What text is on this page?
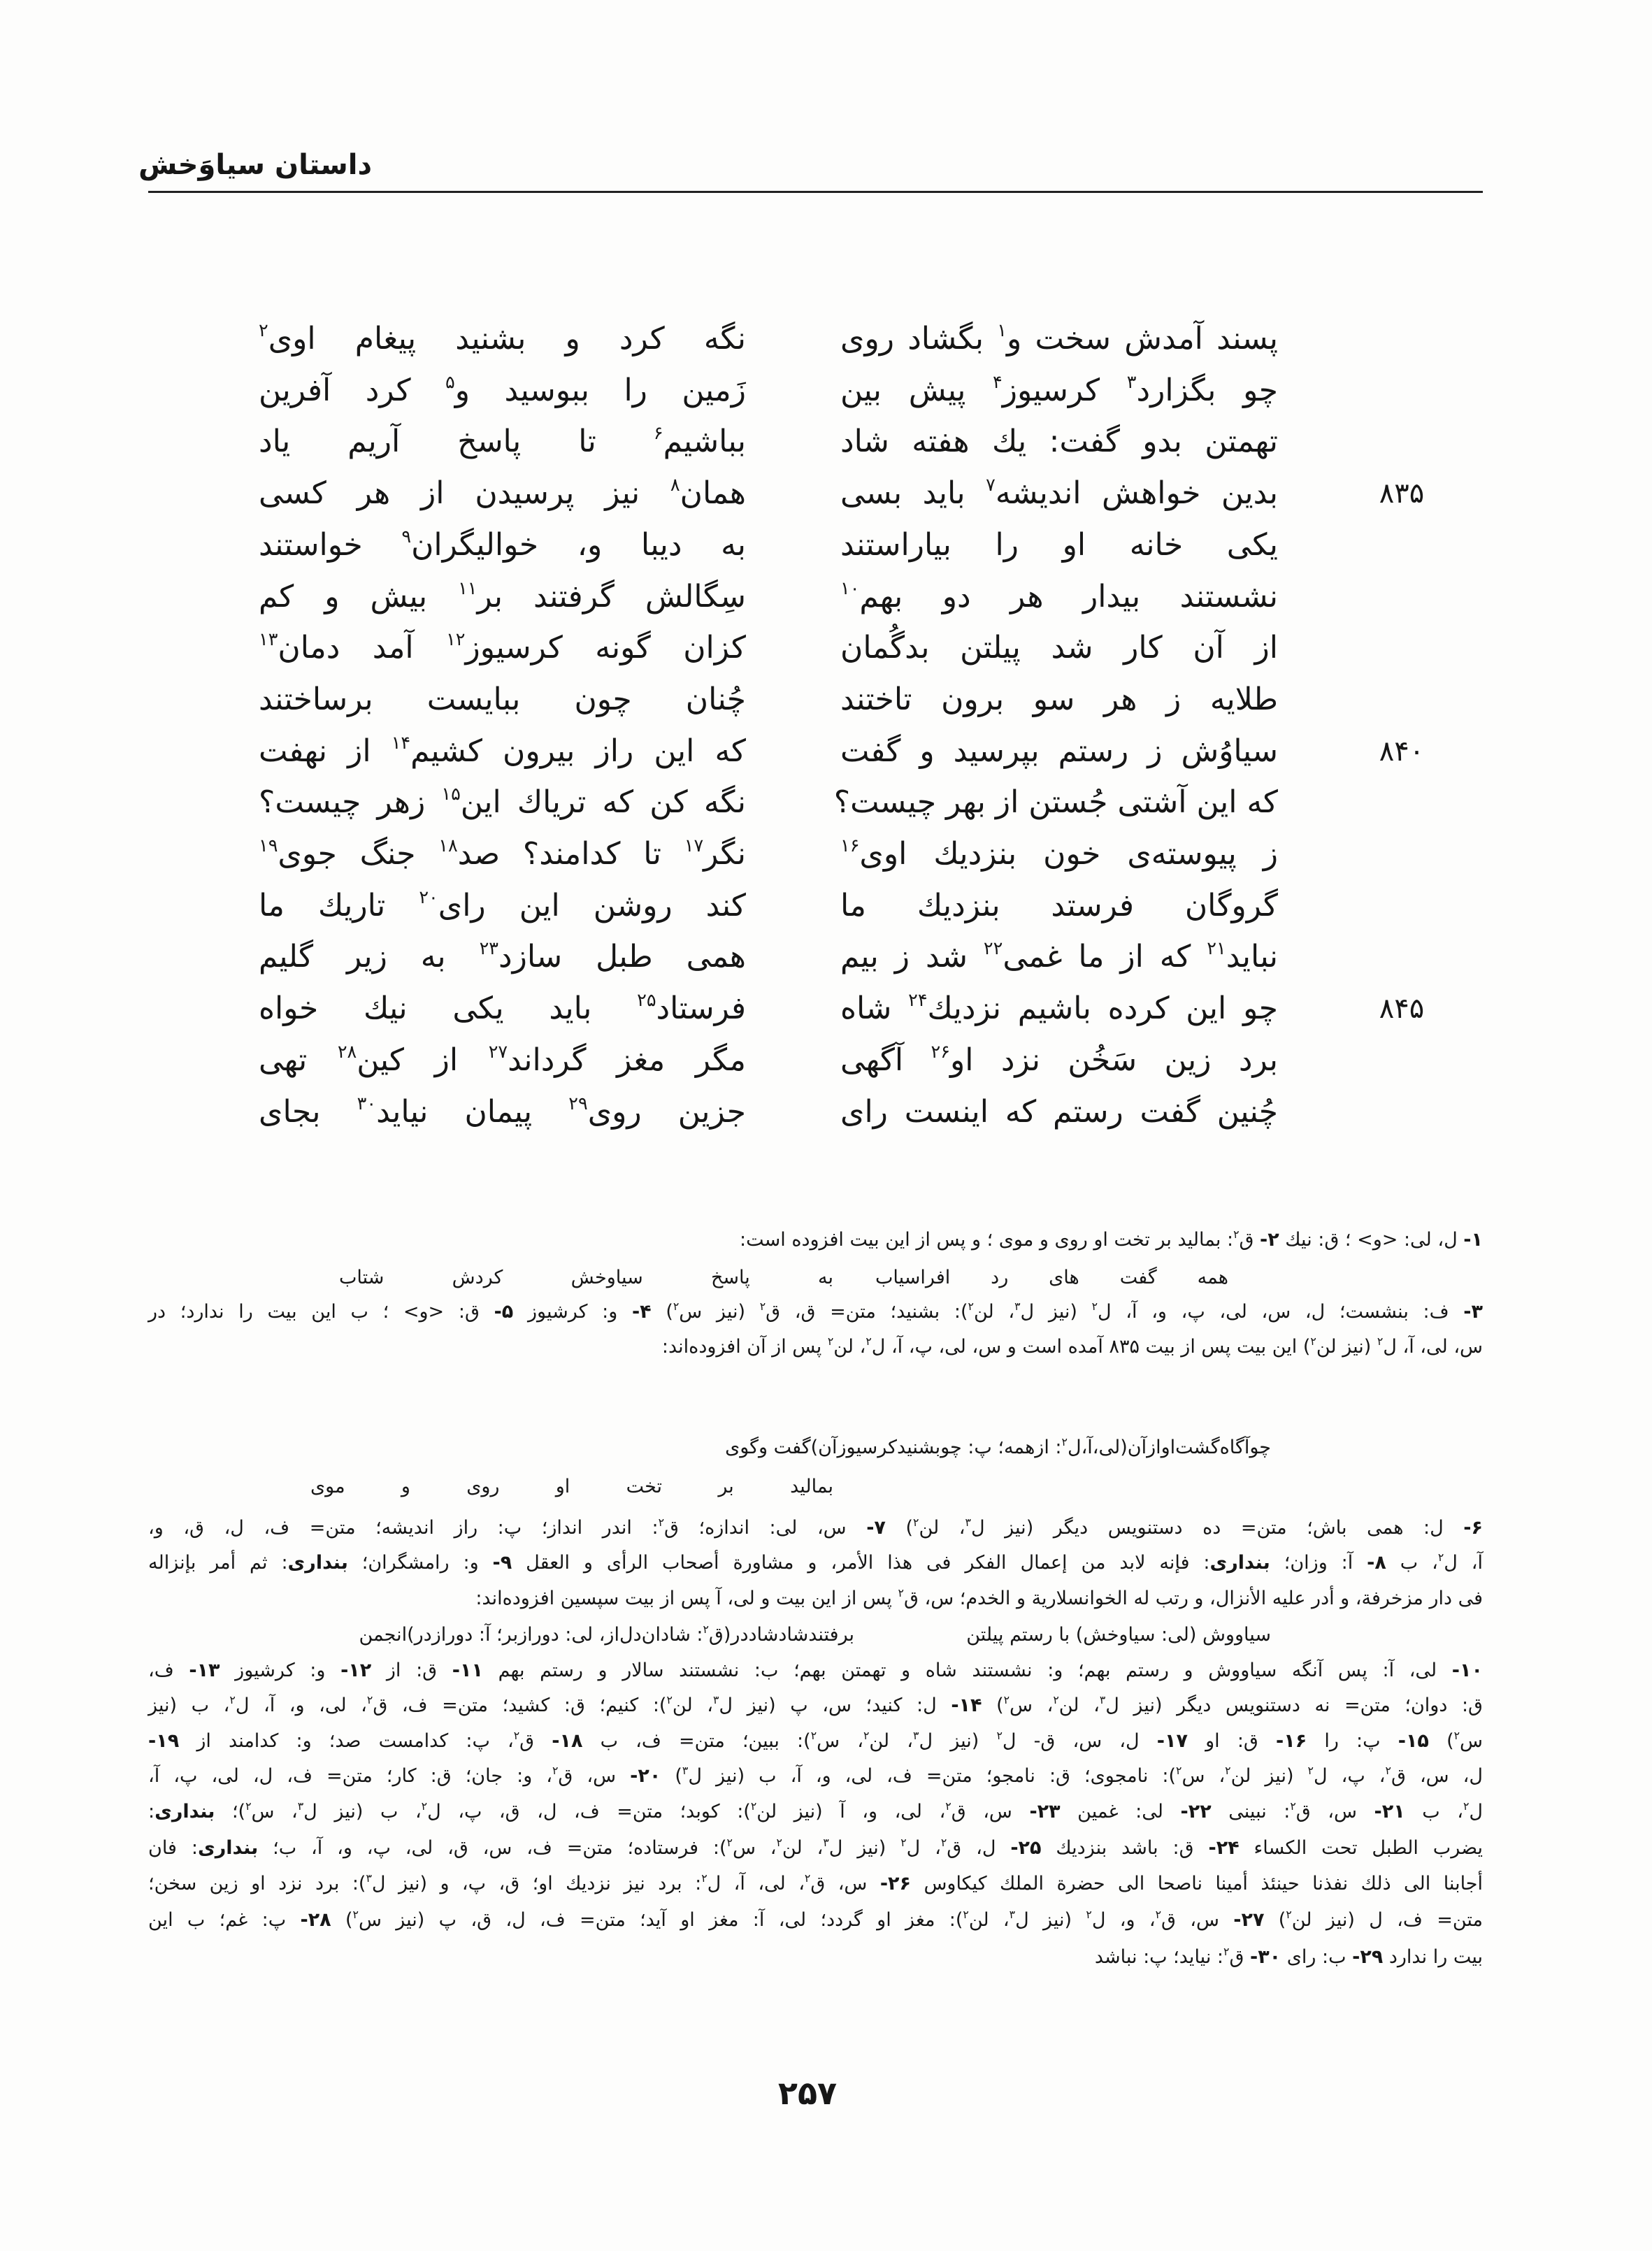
داستان سیاوَخش
پسند آمدش سخت و$^۱$ بگشاد روی
نگه کرد و بشنید پیغام اوی$^۲$
چو بگزارد$^۳$ کرسیوز$^۴$ پیش بین
زَمین را ببوسید و$^۵$ کرد آفرین
تهمتن بدو گفت: یك هفته شاد
بباشیم$^۶$ تا پاسخ آریم یاد
۸۳۵
بدین خواهش اندیشه$^۷$ باید بسی
همان$^۸$ نیز پرسیدن از هر کسی
یکی خانه او را بیاراستند
به دیبا و، خوالیگران$^۹$ خواستند
نشستند بیدار هر دو بهم$^{۱۰}$
سِگالش گرفتند بر$^{۱۱}$ بیش و کم
از آن کار شد پیلتن بدگُمان
کزان گونه کرسیوز$^{۱۲}$ آمد دمان$^{۱۳}$
طلایه ز هر سو برون تاختند
چُنان چون ببایست برساختند
۸۴۰
سیاوُش ز رستم بپرسید و گفت
که این راز بیرون کشیم$^{۱۴}$ از نهفت
که این آشتی جُستن از بهر چیست؟
نگه کن که تریاك این$^{۱۵}$ زهر چیست؟
ز پیوسته‌ی خون بنزدیك اوی$^{۱۶}$
نگر$^{۱۷}$ تا کدامند؟ صد$^{۱۸}$ جنگ جوی$^{۱۹}$
گروگان فرستد بنزدیك ما
کند روشن این رای$^{۲۰}$ تاریك ما
نباید$^{۲۱}$ که از ما غمی$^{۲۲}$ شد ز بیم
همی طبل سازد$^{۲۳}$ به زیر گلیم
۸۴۵
چو این کرده باشیم نزدیك$^{۲۴}$ شاه
فرستاد$^{۲۵}$ باید یکی نیك خواه
برد زین سَخُن نزد او$^{۲۶}$ آگهی
مگر مغز گرداند$^{۲۷}$ از کین$^{۲۸}$ تهی
چُنین گفت رستم که اینست رای
جزین روی$^{۲۹}$ پیمان نیاید$^{۳۰}$ بجای
۱- ل، لی: <و> ؛ ق: نیك ۲- ق$^۲$: بمالید بر تخت او روی و موی ؛ و پس از این بیت افزوده است:
همه گفت های رد افراسیاب
به پاسخ سیاوخش کردش شتاب
۳- ف: بنشست؛ ل، س، لی، پ، و، آ، ل$^۲$ (نیز ل$^۳$، لن$^۲$): بشنید؛ متن= ق، ق$^۲$ (نیز س$^۲$) ۴- و: کرشیوز ۵- ق: <و> ؛ ب این بیت را ندارد؛ در
س، لی، آ، ل$^۲$ (نیز لن$^۲$) این بیت پس از بیت ۸۳۵ آمده است و س، لی، پ، آ، ل$^۲$، لن$^۲$ پس از آن افزوده‌اند:
چوآگاه‌گشت‌اوازآن(لی،آ،ل$^۲$: ازهمه؛ پ: چوبشنیدکرسیوزآن)گفت وگوی
بمالید بر تخت او روی و موی
۶- ل: همی باش؛ متن= ده دستنویس دیگر (نیز ل$^۳$، لن$^۲$) ۷- س، لی: اندازه؛ ق$^۲$: اندر انداز؛ پ: راز اندیشه؛ متن= ف، ل، ق، و،
آ، ل$^۲$، ب ۸- آ: وزان؛ بنداری: فإنه لابد من إعمال الفكر فى هذا الأمر، و مشاورة أصحاب الرأى و العقل ۹- و: رامشگران؛ بنداری: ثم أمر بإنزاله
فى دار مزخرفة، و أدر عليه الأنزال، و رتب له الخوانسلارية و الخدم؛ س، ق$^۲$ پس از این بیت و لی، آ پس از بیت سپسین افزوده‌اند:
سیاووش (لی: سیاوخش) با رستم پیلتن
برفتندشادشاددر(ق$^۲$: شادان‌دل‌از، لی: دورازبر؛ آ: دورازدر)انجمن
۱۰- لی، آ: پس آنگه سیاووش و رستم بهم؛ و: نشستند شاه و تهمتن بهم؛ ب: نشستند سالار و رستم بهم ۱۱- ق: از ۱۲- و: کرشیوز ۱۳- ف،
ق: دوان؛ متن= نه دستنویس دیگر (نیز ل$^۳$، لن$^۲$، س$^۲$) ۱۴- ل: کنید؛ س، پ (نیز ل$^۳$، لن$^۲$): کنیم؛ ق: کشید؛ متن= ف، ق$^۲$، لی، و، آ، ل$^۲$، ب (نیز
س$^۲$) ۱۵- پ: را ۱۶- ق: او ۱۷- ل، س، ق- ل$^۲$ (نیز ل$^۳$، لن$^۲$، س$^۲$): ببین؛ متن= ف، ب ۱۸- ق$^۲$، پ: کدامست صد؛ و: کدامند از ۱۹-
ل، س، ق$^۲$، پ، ل$^۲$ (نیز لن$^۲$، س$^۲$): نامجوی؛ ق: نامجو؛ متن= ف، لی، و، آ، ب (نیز ل$^۳$) ۲۰- س، ق$^۲$، و: جان؛ ق: کار؛ متن= ف، ل، لی، پ، آ،
ل$^۲$، ب ۲۱- س، ق$^۲$: نبینی ۲۲- لی: غمین ۲۳- س، ق$^۲$، لی، و، آ (نیز لن$^۲$): کوبد؛ متن= ف، ل، ق، پ، ل$^۲$، ب (نیز ل$^۳$، س$^۲$)؛ بنداری:
يضرب الطبل تحت الكساء ۲۴- ق: باشد بنزدیك ۲۵- ل، ق$^۲$، ل$^۲$ (نیز ل$^۳$، لن$^۲$، س$^۲$): فرستاده؛ متن= ف، س، ق، لی، پ، و، آ، ب؛ بنداری: فان
أجابنا الى ذلك نفذنا حينئذ أمينا ناصحا الى حضرة الملك كيكاوس ۲۶- س، ق$^۲$، لی، آ، ل$^۲$: برد نیز نزدیك او؛ ق، پ، و (نیز ل$^۳$): برد نزد او زین سخن؛
متن= ف، ل (نیز لن$^۲$) ۲۷- س، ق$^۲$، و، ل$^۲$ (نیز ل$^۳$، لن$^۲$): مغز او گردد؛ لی، آ: مغز او آید؛ متن= ف، ل، ق، پ (نیز س$^۲$) ۲۸- پ: غم؛ ب این
بیت را ندارد ۲۹- ب: رای ۳۰- ق$^۲$: نیاید؛ پ: نباشد
۲۵۷
